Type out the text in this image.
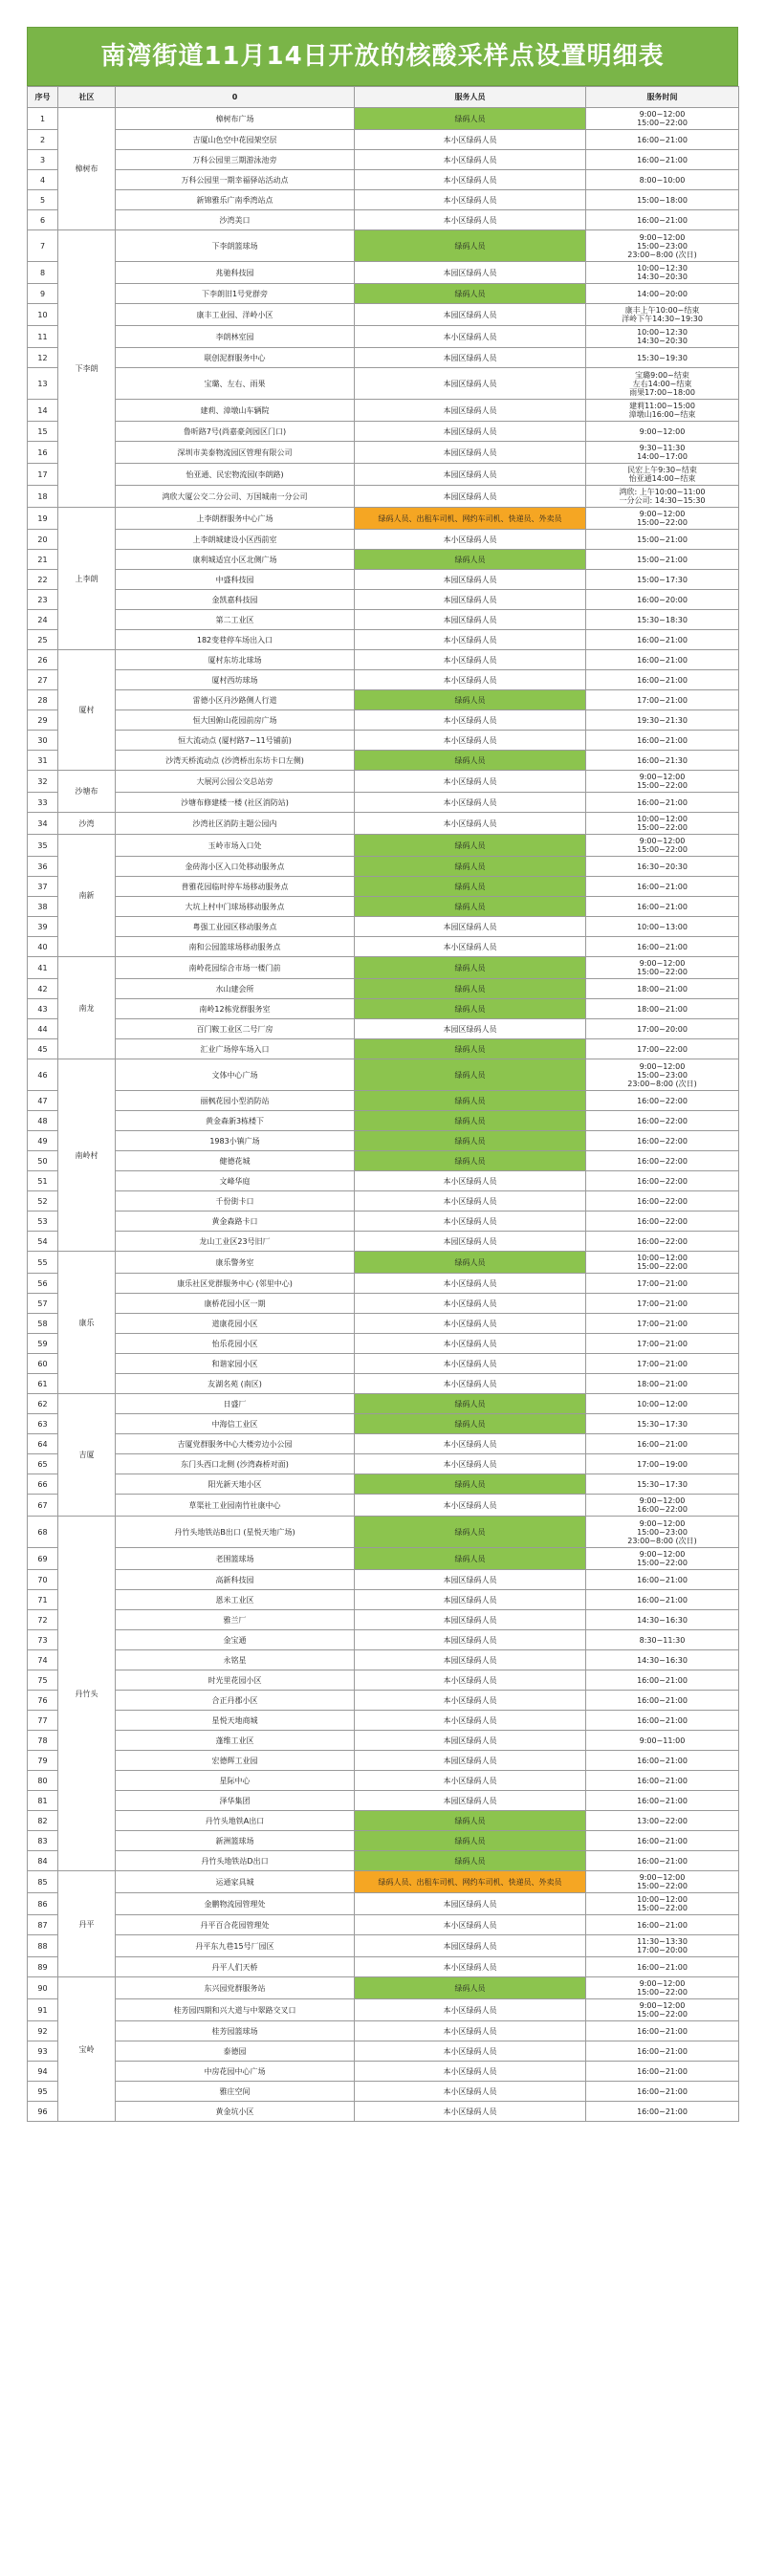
南湾街道11月14日开放的核酸采样点设置明细表
序号	社区	0	服务人员	服务时间
1	樟树布	樟树布广场	绿码人员	9:00~12:00
15:00~22:00
2		吉厦山色空中花园架空层	本小区绿码人员	16:00~21:00
3		万科公园里三期游泳池旁	本小区绿码人员	16:00~21:00
4		万科公园里一期幸福驿站活动点	本小区绿码人员	8:00~10:00
5		新锦雅乐广南季湾站点	本小区绿码人员	15:00~18:00
6		沙湾美口	本小区绿码人员	16:00~21:00
7	下李朗	下李朗篮球场	绿码人员	9:00~12:00
15:00~23:00
23:00~8:00 (次日)
8		兆驰科技园	本园区绿码人员	10:00~12:30
14:30~20:30
9		下李朗旧1号党群旁	绿码人员	14:00~20:00
10		康丰工业园、洋岭小区	本园区绿码人员	康丰上午10:00~结束
洋岭下午14:30~19:30
11		李朗林室园	本小区绿码人员	10:00~12:30
14:30~20:30
12		联创泥群服务中心	本园区绿码人员	15:30~19:30
13		宝璐、左右、雨果	本园区绿码人员	宝璐9:00~结束
左右14:00~结束
雨果17:00~18:00
14		建莉、漳墩山车辆院	本园区绿码人员	建莉11:00~15:00
漳墩山16:00~结束
15		鲁昕路7号(尚嘉豪剑园区门口)	本园区绿码人员	9:00~12:00
16		深圳市美泰物流园区管理有限公司	本园区绿码人员	9:30~11:30
14:00~17:00
17		怡亚通、民宏物流园(李朗路)	本园区绿码人员	民宏上午9:30~结束
怡亚通14:00~结束
18		鸿欣大厦公交二分公司、万国城南一分公司	本园区绿码人员	鸿欣: 上午10:00~11:00
一分公司: 14:30~15:30
19	上李朗	上李朗群服务中心广场	绿码人员、出租车司机、网约车司机、快递员、外卖员	9:00~12:00
15:00~22:00
20		上李朗城建设小区西前室	本小区绿码人员	15:00~21:00
21		康利城适宜小区北侧广场	绿码人员	15:00~21:00
22		中盛科技园	本园区绿码人员	15:00~17:30
23		金凯嘉科技园	本园区绿码人员	16:00~20:00
24		第二工业区	本园区绿码人员	15:30~18:30
25		182变巷停车场出入口	本小区绿码人员	16:00~21:00
26	厦村	厦村东坊北球场	本小区绿码人员	16:00~21:00
27		厦村西坊球场	本小区绿码人员	16:00~21:00
28		雷德小区丹沙路侧人行道	绿码人员	17:00~21:00
29		恒大国俯山花园前房广场	本小区绿码人员	19:30~21:30
30		恒大流动点 (厦村路7~11号铺前)	本小区绿码人员	16:00~21:00
31		沙湾天桥流动点 (沙湾桥出东坊卡口左侧)	绿码人员	16:00~21:30
32	沙塘布	大展河公园公交总站旁	本小区绿码人员	9:00~12:00
15:00~22:00
33		沙塘布修建楼一楼 (社区消防站)	本小区绿码人员	16:00~21:00
34	沙湾	沙湾社区消防主题公园内	本小区绿码人员	10:00~12:00
15:00~22:00
35	南新	玉岭市场入口处	绿码人员	9:00~12:00
15:00~22:00
36		金砖海小区入口处移动服务点	绿码人员	16:30~20:30
37		普雅花园临时停车场移动服务点	绿码人员	16:00~21:00
38		大坑上村中门球场移动服务点	绿码人员	16:00~21:00
39		粤强工业园区移动服务点	本园区绿码人员	10:00~13:00
40		南和公园篮球场移动服务点	本小区绿码人员	16:00~21:00
41	南龙	南岭花园综合市场一楼门前	绿码人员	9:00~12:00
15:00~22:00
42		水山建会所	绿码人员	18:00~21:00
43		南岭12栋党群服务室	绿码人员	18:00~21:00
44		百门鞍工业区二号厂房	本园区绿码人员	17:00~20:00
45		汇业广场停车场入口	绿码人员	17:00~22:00
46	南岭村	文体中心广场	绿码人员	9:00~12:00
15:00~23:00
23:00~8:00 (次日)
47		丽枫花园小型消防站	绿码人员	16:00~22:00
48		黄金森新3栋楼下	绿码人员	16:00~22:00
49		1983小镇广场	绿码人员	16:00~22:00
50		健德花城	绿码人员	16:00~22:00
51		文峰华庭	本小区绿码人员	16:00~22:00
52		千份街卡口	本小区绿码人员	16:00~22:00
53		黄金森路卡口	本小区绿码人员	16:00~22:00
54		龙山工业区23号旧厂	本园区绿码人员	16:00~22:00
55	康乐	康乐警务室	绿码人员	10:00~12:00
15:00~22:00
56		康乐社区党群服务中心 (邻里中心)	本小区绿码人员	17:00~21:00
57		康桥花园小区一期	本小区绿码人员	17:00~21:00
58		道康花园小区	本小区绿码人员	17:00~21:00
59		怡乐花园小区	本小区绿码人员	17:00~21:00
60		和谐家园小区	本小区绿码人员	17:00~21:00
61		友湖名苑 (南区)	本小区绿码人员	18:00~21:00
62	吉厦	日盛厂	绿码人员	10:00~12:00
63		中海信工业区	绿码人员	15:30~17:30
64		吉厦党群服务中心大楼旁边小公园	本小区绿码人员	16:00~21:00
65		东门头西口北侧 (沙湾森桥对面)	本小区绿码人员	17:00~19:00
66		阳光新天地小区	绿码人员	15:30~17:30
67		草渠社工业园南竹社康中心	本小区绿码人员	9:00~12:00
16:00~22:00
68	丹竹头	丹竹头地铁站B出口 (星悦天地广场)	绿码人员	9:00~12:00
15:00~23:00
23:00~8:00 (次日)
69		老围篮球场	绿码人员	9:00~12:00
15:00~22:00
70		高新科技园	本园区绿码人员	16:00~21:00
71		恩米工业区	本园区绿码人员	16:00~21:00
72		雅兰厂	本园区绿码人员	14:30~16:30
73		金宝通	本园区绿码人员	8:30~11:30
74		永铭星	本园区绿码人员	14:30~16:30
75		时光里花园小区	本小区绿码人员	16:00~21:00
76		合正丹郡小区	本小区绿码人员	16:00~21:00
77		星悦天地商城	本小区绿码人员	16:00~21:00
78		蓬维工业区	本园区绿码人员	9:00~11:00
79		宏德辉工业园	本园区绿码人员	16:00~21:00
80		星际中心	本小区绿码人员	16:00~21:00
81		泽华集团	本园区绿码人员	16:00~21:00
82		丹竹头地铁A出口	绿码人员	13:00~22:00
83		新洲篮球场	绿码人员	16:00~21:00
84		丹竹头地铁站D出口	绿码人员	16:00~21:00
85	丹平	运通家具城	绿码人员、出租车司机、网约车司机、快递员、外卖员	9:00~12:00
15:00~22:00
86		金鹏物流园管理处	本园区绿码人员	10:00~12:00
15:00~22:00
87		丹平百合花园管理处	本小区绿码人员	16:00~21:00
88		丹平东九巷15号厂园区	本园区绿码人员	11:30~13:30
17:00~20:00
89		丹平人们天桥	本小区绿码人员	16:00~21:00
90	宝岭	东兴园党群服务站	绿码人员	9:00~12:00
15:00~22:00
91		桂芳园四期和兴大道与中翠路交叉口	本小区绿码人员	9:00~12:00
15:00~22:00
92		桂芳园篮球场	本小区绿码人员	16:00~21:00
93		泰德园	本小区绿码人员	16:00~21:00
94		中房花园中心广场	本小区绿码人员	16:00~21:00
95		雅庄空间	本小区绿码人员	16:00~21:00
96		黄金坑小区	本小区绿码人员	16:00~21:00
